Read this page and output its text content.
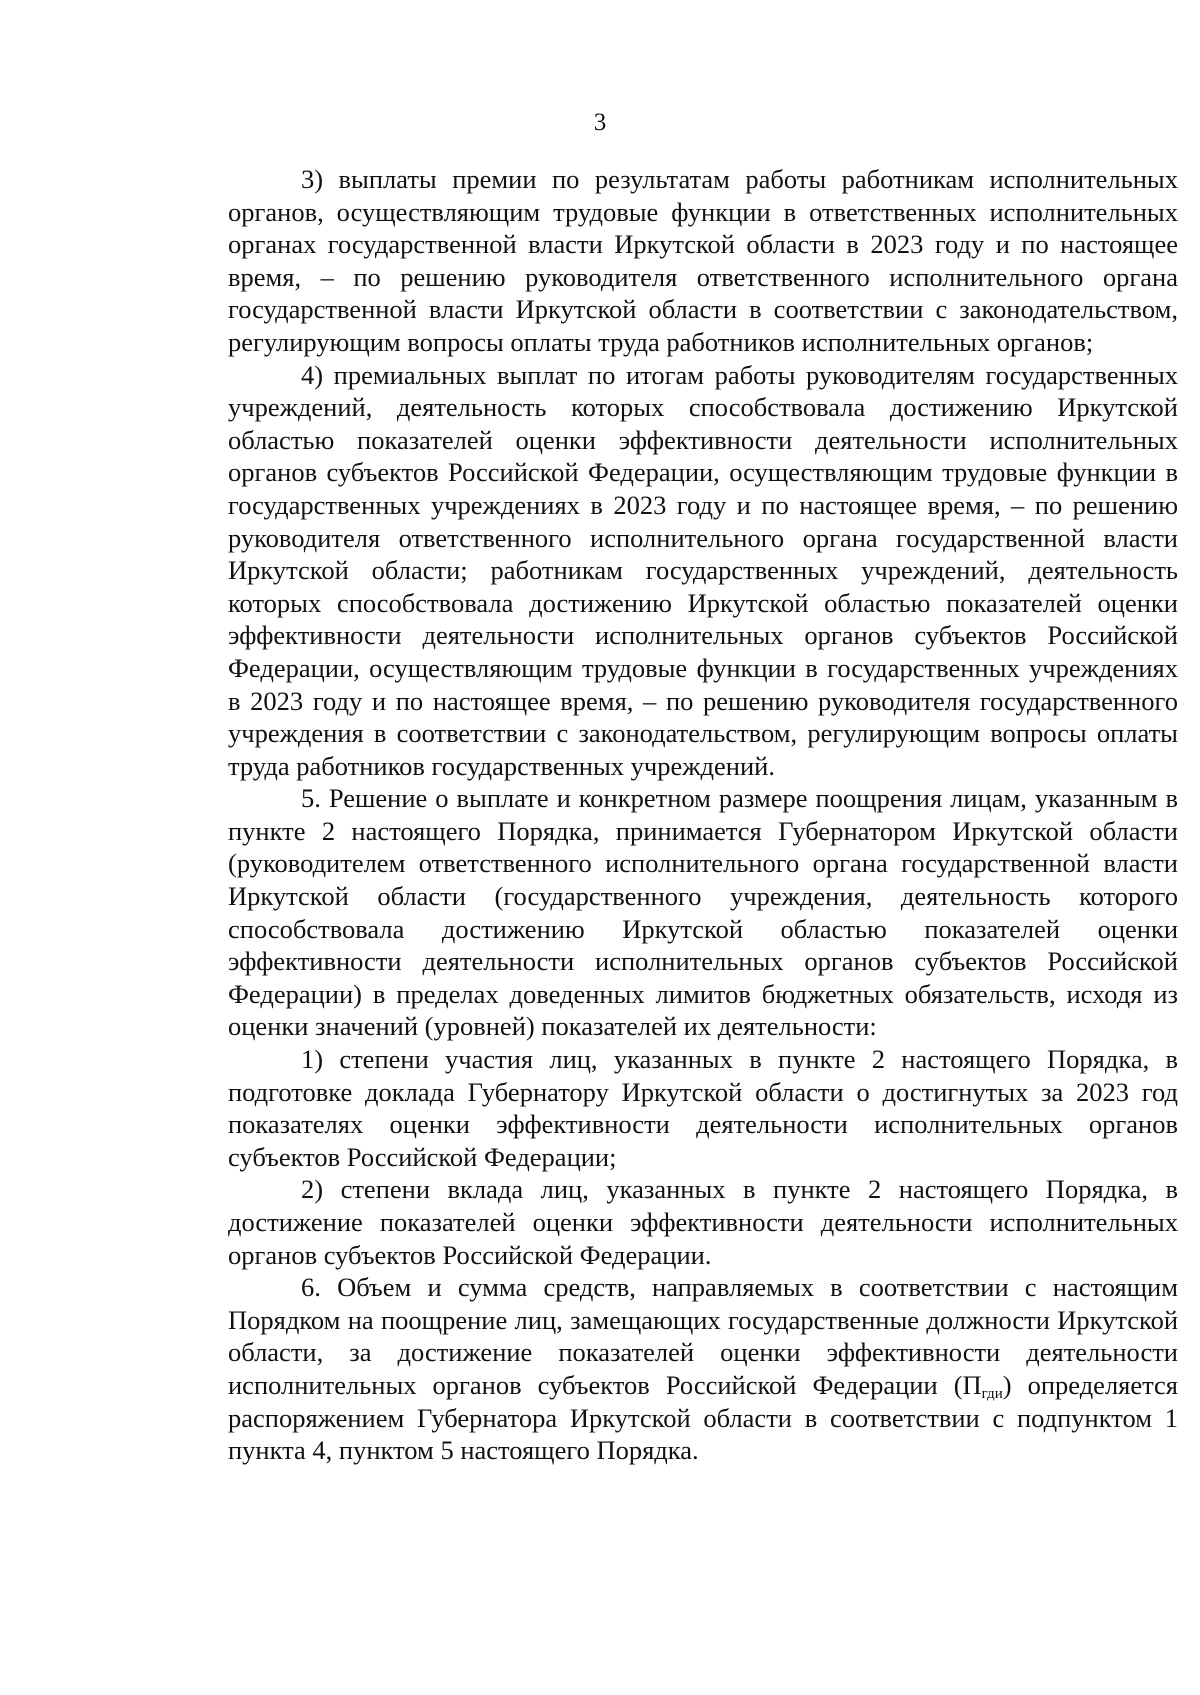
3

3) выплаты премии по результатам работы работникам исполнительных органов, осуществляющим трудовые функции в ответственных исполнительных органах государственной власти Иркутской области в 2023 году и по настоящее время, – по решению руководителя ответственного исполнительного органа государственной власти Иркутской области в соответствии с законодательством, регулирующим вопросы оплаты труда работников исполнительных органов;

4) премиальных выплат по итогам работы руководителям государственных учреждений, деятельность которых способствовала достижению Иркутской областью показателей оценки эффективности деятельности исполнительных органов субъектов Российской Федерации, осуществляющим трудовые функции в государственных учреждениях в 2023 году и по настоящее время, – по решению руководителя ответственного исполнительного органа государственной власти Иркутской области; работникам государственных учреждений, деятельность которых способствовала достижению Иркутской областью показателей оценки эффективности деятельности исполнительных органов субъектов Российской Федерации, осуществляющим трудовые функции в государственных учреждениях в 2023 году и по настоящее время, – по решению руководителя государственного учреждения в соответствии с законодательством, регулирующим вопросы оплаты труда работников государственных учреждений.

5. Решение о выплате и конкретном размере поощрения лицам, указанным в пункте 2 настоящего Порядка, принимается Губернатором Иркутской области (руководителем ответственного исполнительного органа государственной власти Иркутской области (государственного учреждения, деятельность которого способствовала достижению Иркутской областью показателей оценки эффективности деятельности исполнительных органов субъектов Российской Федерации) в пределах доведенных лимитов бюджетных обязательств, исходя из оценки значений (уровней) показателей их деятельности:

1) степени участия лиц, указанных в пункте 2 настоящего Порядка, в подготовке доклада Губернатору Иркутской области о достигнутых за 2023 год показателях оценки эффективности деятельности исполнительных органов субъектов Российской Федерации;

2) степени вклада лиц, указанных в пункте 2 настоящего Порядка, в достижение показателей оценки эффективности деятельности исполнительных органов субъектов Российской Федерации.

6. Объем и сумма средств, направляемых в соответствии с настоящим Порядком на поощрение лиц, замещающих государственные должности Иркутской области, за достижение показателей оценки эффективности деятельности исполнительных органов субъектов Российской Федерации $(П_{гди})$ определяется распоряжением Губернатора Иркутской области в соответствии с подпунктом 1 пункта 4, пунктом 5 настоящего Порядка.
